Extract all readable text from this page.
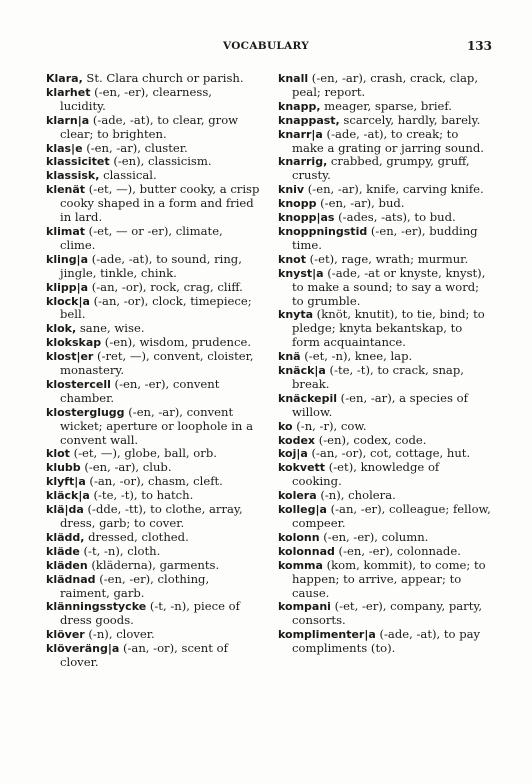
VOCABULARY	133

Klara, St. Clara church or parish.

klarhet (-en, -er), clearness, lucidity.

klarn|a (-ade, -at), to clear, grow clear; to brighten.

klas|e (-en, -ar), cluster.

klassicitet (-en), classicism.

klassisk, classical.

klenät (-et, —), butter cooky, a crisp cooky shaped in a form and fried in lard.

klimat (-et, — or -er), climate, clime.

kling|a (-ade, -at), to sound, ring, jingle, tinkle, chink.

klipp|a (-an, -or), rock, crag, cliff.

klock|a (-an, -or), clock, timepiece; bell.

klok, sane, wise.

klokskap (-en), wisdom, prudence.

klost|er (-ret, —), convent, cloister, monastery.

klostercell (-en, -er), convent chamber.

klosterglugg (-en, -ar), convent wicket; aperture or loophole in a convent wall.

klot (-et, —), globe, ball, orb.

klubb (-en, -ar), club.

klyft|a (-an, -or), chasm, cleft.

kläck|a (-te, -t), to hatch.

klä|da (-dde, -tt), to clothe, array, dress, garb; to cover.

klädd, dressed, clothed.

kläde (-t, -n), cloth.

kläden (kläderna), garments.

klädnad (-en, -er), clothing, raiment, garb.

klänningsstycke (-t, -n), piece of dress goods.

klöver (-n), clover.

klöveräng|a (-an, -or), scent of clover.

knall (-en, -ar), crash, crack, clap, peal; report.

knapp, meager, sparse, brief.

knappast, scarcely, hardly, barely.

knarr|a (-ade, -at), to creak; to make a grating or jarring sound.

knarrig, crabbed, grumpy, gruff, crusty.

kniv (-en, -ar), knife, carving knife.

knopp (-en, -ar), bud.

knopp|as (-ades, -ats), to bud.

knoppningstid (-en, -er), budding time.

knot (-et), rage, wrath; murmur.

knyst|a (-ade, -at or knyste, knyst), to make a sound; to say a word; to grumble.

knyta (knöt, knutit), to tie, bind; to pledge; knyta bekantskap, to form acquaintance.

knä (-et, -n), knee, lap.

knäck|a (-te, -t), to crack, snap, break.

knäckepil (-en, -ar), a species of willow.

ko (-n, -r), cow.

kodex (-en), codex, code.

koj|a (-an, -or), cot, cottage, hut.

kokvett (-et), knowledge of cooking.

kolera (-n), cholera.

kolleg|a (-an, -er), colleague; fellow, compeer.

kolonn (-en, -er), column.

kolonnad (-en, -er), colonnade.

komma (kom, kommit), to come; to happen; to arrive, appear; to cause.

kompani (-et, -er), company, party, consorts.

komplimenter|a (-ade, -at), to pay compliments (to).
